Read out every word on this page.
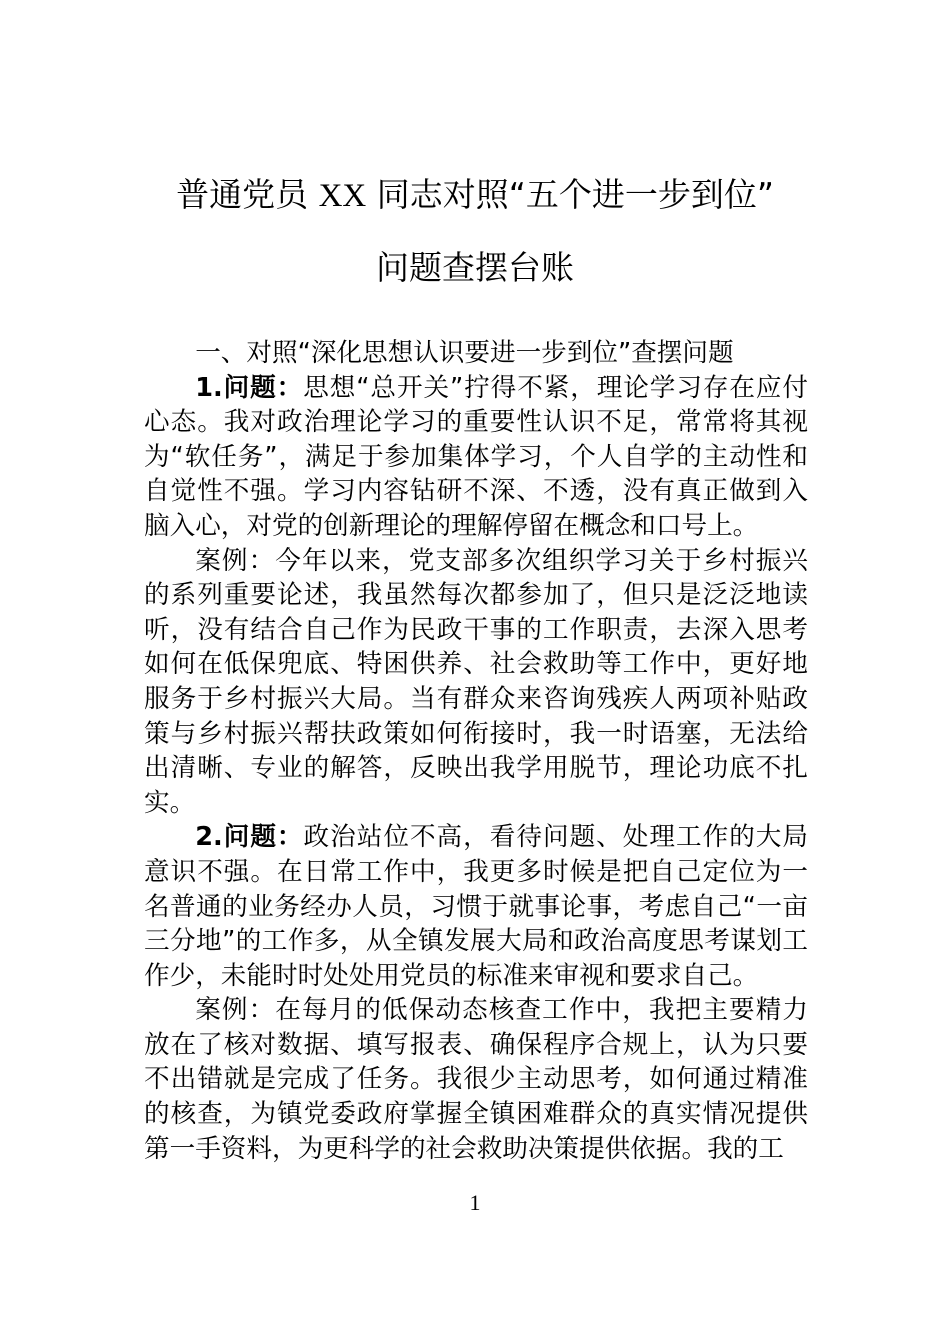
普通党员 XX 同志对照“五个进一步到位”
问题查摆台账

一、对照“深化思想认识要进一步到位”查摆问题

1.问题：思想“总开关”拧得不紧，理论学习存在应付心态。我对政治理论学习的重要性认识不足，常常将其视为“软任务”，满足于参加集体学习，个人自学的主动性和自觉性不强。学习内容钻研不深、不透，没有真正做到入脑入心，对党的创新理论的理解停留在概念和口号上。

案例：今年以来，党支部多次组织学习关于乡村振兴的系列重要论述，我虽然每次都参加了，但只是泛泛地读听，没有结合自己作为民政干事的工作职责，去深入思考如何在低保兜底、特困供养、社会救助等工作中，更好地服务于乡村振兴大局。当有群众来咨询残疾人两项补贴政策与乡村振兴帮扶政策如何衔接时，我一时语塞，无法给出清晰、专业的解答，反映出我学用脱节，理论功底不扎实。

2.问题：政治站位不高，看待问题、处理工作的大局意识不强。在日常工作中，我更多时候是把自己定位为一名普通的业务经办人员，习惯于就事论事，考虑自己“一亩三分地”的工作多，从全镇发展大局和政治高度思考谋划工作少，未能时时处处用党员的标准来审视和要求自己。

案例：在每月的低保动态核查工作中，我把主要精力放在了核对数据、填写报表、确保程序合规上，认为只要不出错就是完成了任务。我很少主动思考，如何通过精准的核查，为镇党委政府掌握全镇困难群众的真实情况提供第一手资料，为更科学的社会救助决策提供依据。我的工

1
